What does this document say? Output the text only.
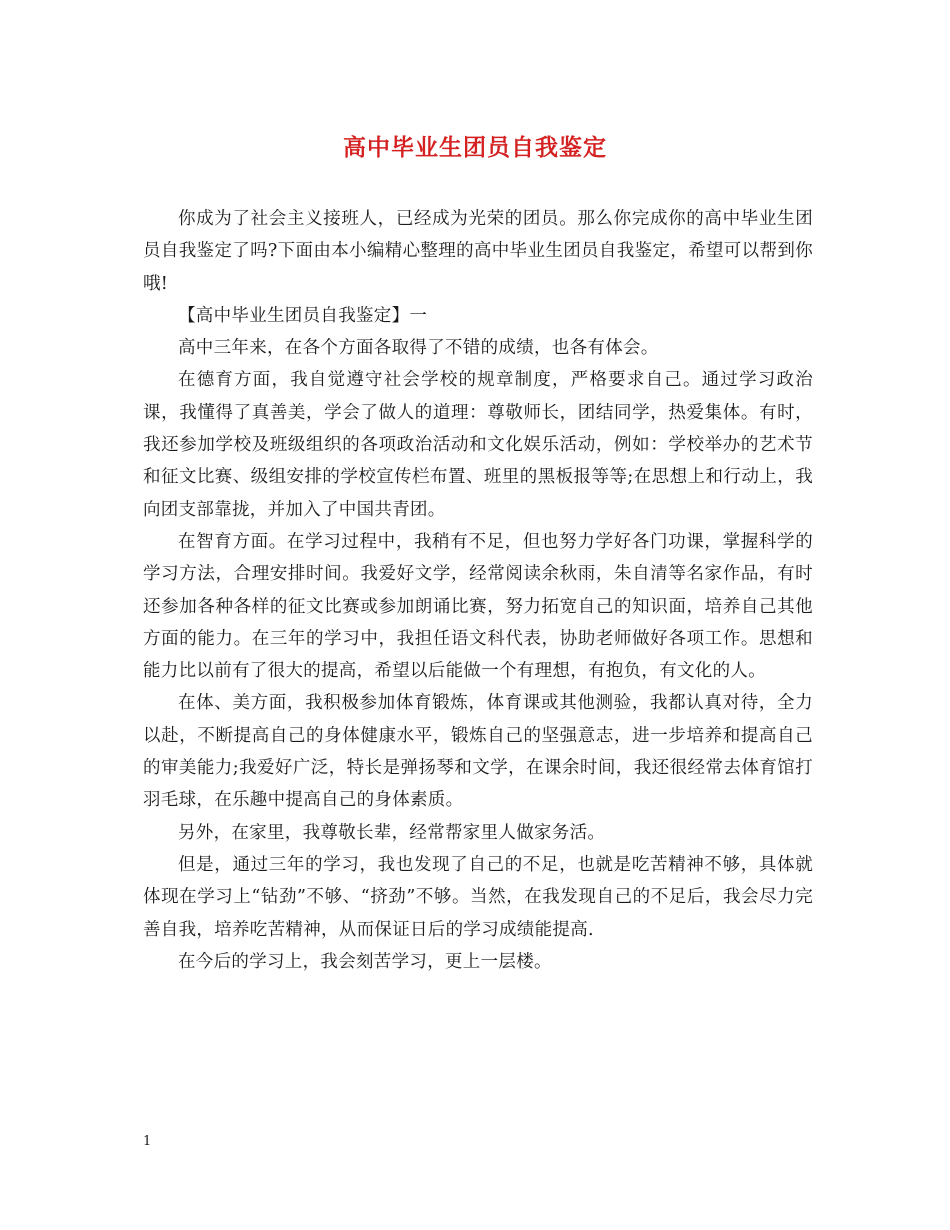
高中毕业生团员自我鉴定

你成为了社会主义接班人，已经成为光荣的团员。那么你完成你的高中毕业生团员自我鉴定了吗?下面由本小编精心整理的高中毕业生团员自我鉴定，希望可以帮到你哦!

【高中毕业生团员自我鉴定】一

高中三年来，在各个方面各取得了不错的成绩，也各有体会。

在德育方面，我自觉遵守社会学校的规章制度，严格要求自己。通过学习政治课，我懂得了真善美，学会了做人的道理：尊敬师长，团结同学，热爱集体。有时，我还参加学校及班级组织的各项政治活动和文化娱乐活动，例如：学校举办的艺术节和征文比赛、级组安排的学校宣传栏布置、班里的黑板报等等;在思想上和行动上，我向团支部靠拢，并加入了中国共青团。

在智育方面。在学习过程中，我稍有不足，但也努力学好各门功课，掌握科学的学习方法，合理安排时间。我爱好文学，经常阅读余秋雨，朱自清等名家作品，有时还参加各种各样的征文比赛或参加朗诵比赛，努力拓宽自己的知识面，培养自己其他方面的能力。在三年的学习中，我担任语文科代表，协助老师做好各项工作。思想和能力比以前有了很大的提高，希望以后能做一个有理想，有抱负，有文化的人。

在体、美方面，我积极参加体育锻炼，体育课或其他测验，我都认真对待，全力以赴，不断提高自己的身体健康水平，锻炼自己的坚强意志，进一步培养和提高自己的审美能力;我爱好广泛，特长是弹扬琴和文学，在课余时间，我还很经常去体育馆打羽毛球，在乐趣中提高自己的身体素质。

另外，在家里，我尊敬长辈，经常帮家里人做家务活。

但是，通过三年的学习，我也发现了自己的不足，也就是吃苦精神不够，具体就体现在学习上“钻劲”不够、“挤劲”不够。当然，在我发现自己的不足后，我会尽力完善自我，培养吃苦精神，从而保证日后的学习成绩能提高.

在今后的学习上，我会刻苦学习，更上一层楼。

1
